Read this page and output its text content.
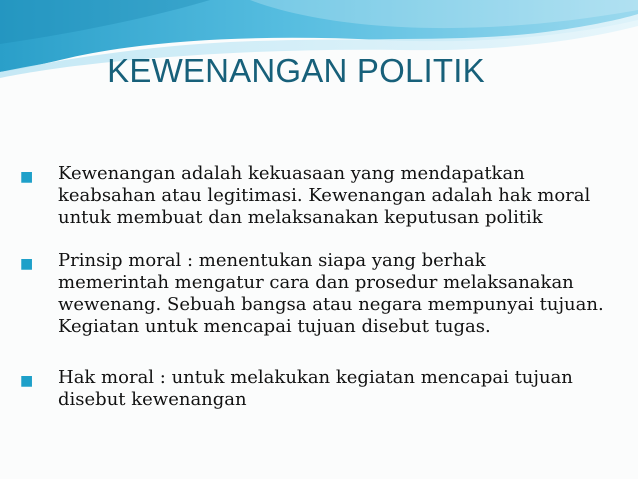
KEWENANGAN POLITIK
■ Kewenangan adalah kekuasaan yang mendapatkan
keabsahan atau legitimasi. Kewenangan adalah hak moral
untuk membuat dan melaksanakan keputusan politik
■ Prinsip moral : menentukan siapa yang berhak
memerintah mengatur cara dan prosedur melaksanakan
wewenang. Sebuah bangsa atau negara mempunyai tujuan.
Kegiatan untuk mencapai tujuan disebut tugas.
■ Hak moral : untuk melakukan kegiatan mencapai tujuan
disebut kewenangan
